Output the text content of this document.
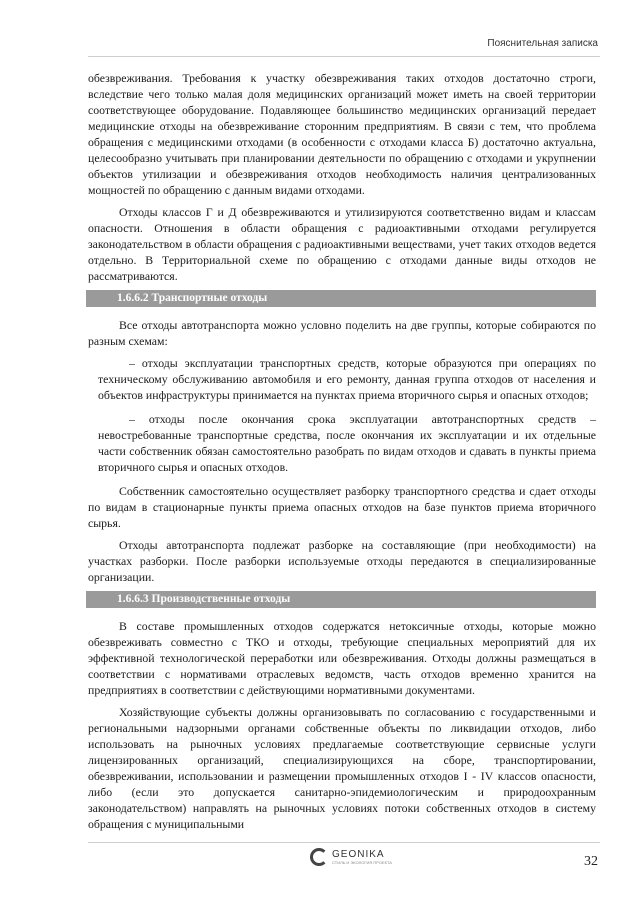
Пояснительная записка

обезвреживания. Требования к участку обезвреживания таких отходов достаточно строги, вследствие чего только малая доля медицинских организаций может иметь на своей территории соответствующее оборудование. Подавляющее большинство медицинских организаций передает медицинские отходы на обезвреживание сторонним предприятиям. В связи с тем, что проблема обращения с медицинскими отходами (в особенности с отходами класса Б) достаточно актуальна, целесообразно учитывать при планировании деятельности по обращению с отходами и укрупнении объектов утилизации и обезвреживания отходов необходимость наличия централизованных мощностей по обращению с данным видами отходами.

Отходы классов Г и Д обезвреживаются и утилизируются соответственно видам и классам опасности. Отношения в области обращения с радиоактивными отходами регулируется законодательством в области обращения с радиоактивными веществами, учет таких отходов ведется отдельно. В Территориальной схеме по обращению с отходами данные виды отходов не рассматриваются.

1.6.6.2 Транспортные отходы

Все отходы автотранспорта можно условно поделить на две группы, которые собираются по разным схемам:

– отходы эксплуатации транспортных средств, которые образуются при операциях по техническому обслуживанию автомобиля и его ремонту, данная группа отходов от населения и объектов инфраструктуры принимается на пунктах приема вторичного сырья и опасных отходов;

– отходы после окончания срока эксплуатации автотранспортных средств – невостребованные транспортные средства, после окончания их эксплуатации и их отдельные части собственник обязан самостоятельно разобрать по видам отходов и сдавать в пункты приема вторичного сырья и опасных отходов.

Собственник самостоятельно осуществляет разборку транспортного средства и сдает отходы по видам в стационарные пункты приема опасных отходов на базе пунктов приема вторичного сырья.

Отходы автотранспорта подлежат разборке на составляющие (при необходимости) на участках разборки. После разборки используемые отходы передаются в специализированные организации.

1.6.6.3 Производственные отходы

В составе промышленных отходов содержатся нетоксичные отходы, которые можно обезвреживать совместно с ТКО и отходы, требующие специальных мероприятий для их эффективной технологической переработки или обезвреживания. Отходы должны размещаться в соответствии с нормативами отраслевых ведомств, часть отходов временно хранится на предприятиях в соответствии с действующими нормативными документами.

Хозяйствующие субъекты должны организовывать по согласованию с государственными и региональными надзорными органами собственные объекты по ликвидации отходов, либо использовать на рыночных условиях предлагаемые соответствующие сервисные услуги лицензированных организаций, специализирующихся на сборе, транспортировании, обезвреживании, использовании и размещении промышленных отходов I - IV классов опасности, либо (если это допускается санитарно-эпидемиологическим и природоохранным законодательством) направлять на рыночных условиях потоки собственных отходов в систему обращения с муниципальными

GEONIKA
СТИЛЬ И ЭКОЛОГИЯ ПРОЕКТА	32
